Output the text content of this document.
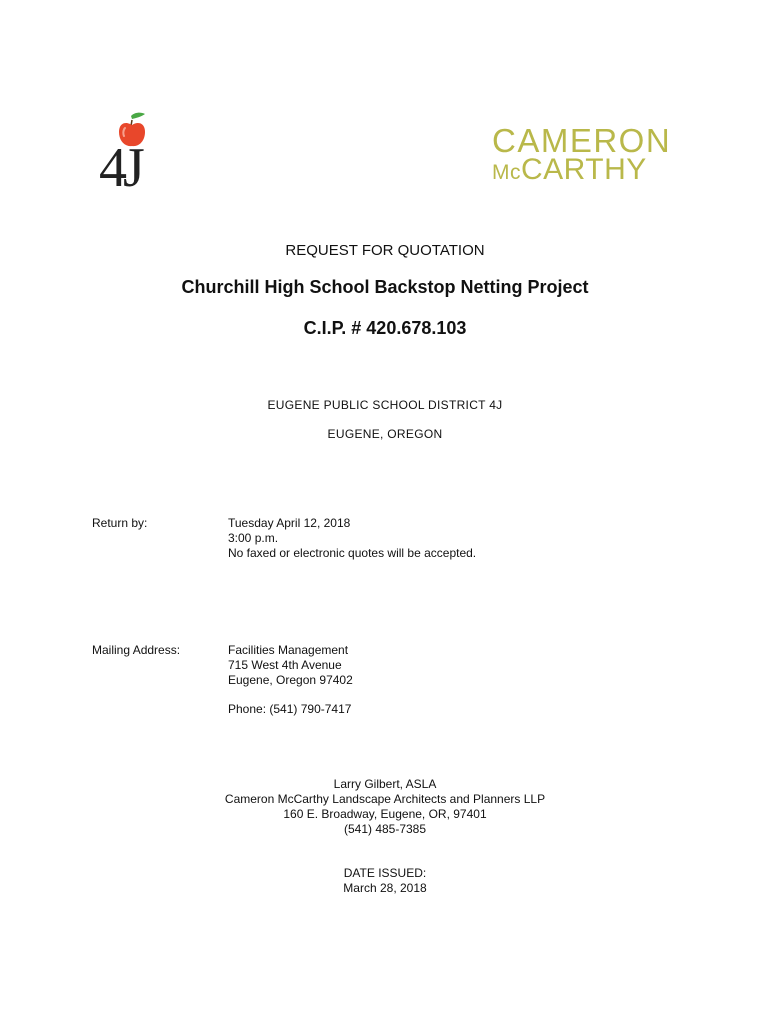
4J	CAMERON
McCARTHY
REQUEST FOR QUOTATION
Churchill High School Backstop Netting Project
C.I.P. # 420.678.103
EUGENE PUBLIC SCHOOL DISTRICT 4J
EUGENE, OREGON
Return by:	Tuesday April 12, 2018
3:00 p.m.
No faxed or electronic quotes will be accepted.
Mailing Address:	Facilities Management
715 West 4th Avenue
Eugene, Oregon 97402
Phone: (541) 790-7417
Larry Gilbert, ASLA
Cameron McCarthy Landscape Architects and Planners LLP
160 E. Broadway, Eugene, OR, 97401
(541) 485-7385
DATE ISSUED:
March 28, 2018
